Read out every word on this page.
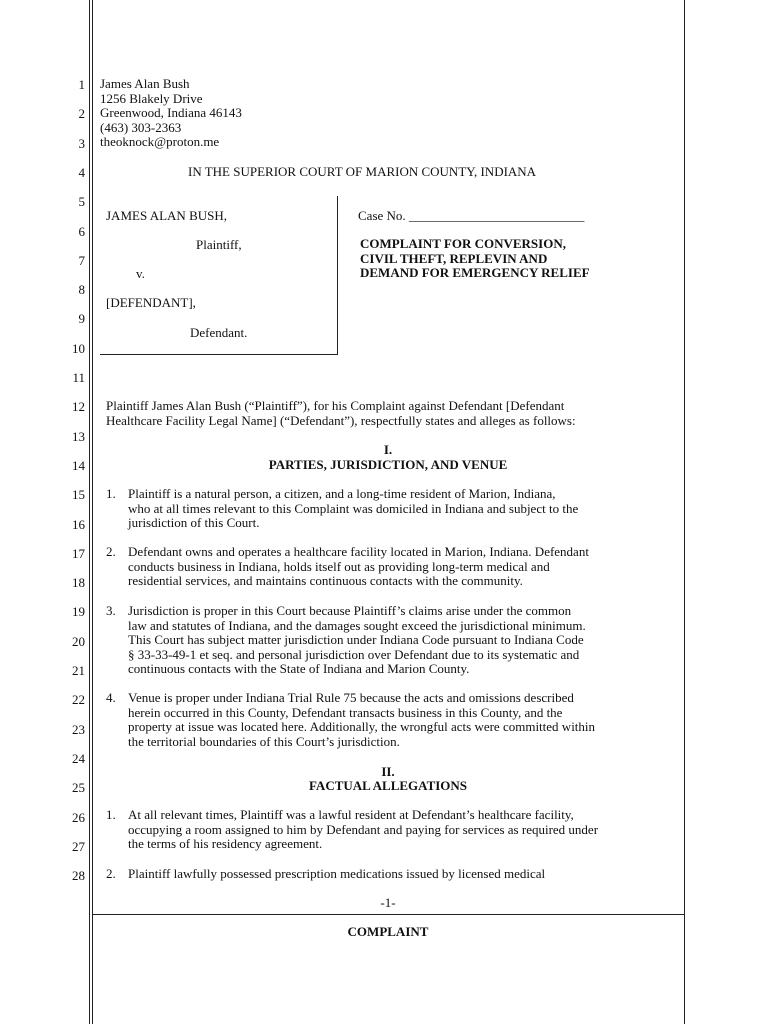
1
2
3
4
5
6
7
8
9
10
11
12
13
14
15
16
17
18
19
20
21
22
23
24
25
26
27
28
James Alan Bush
1256 Blakely Drive
Greenwood, Indiana 46143
(463) 303-2363
theoknock@proton.me
IN THE SUPERIOR COURT OF MARION COUNTY, INDIANA
JAMES ALAN BUSH,
Plaintiff,
v.
[DEFENDANT],
Defendant.
Case No. ___________________________
COMPLAINT FOR CONVERSION,
CIVIL THEFT, REPLEVIN AND
DEMAND FOR EMERGENCY RELIEF
Plaintiff James Alan Bush (“Plaintiff”), for his Complaint against Defendant [Defendant
Healthcare Facility Legal Name] (“Defendant”), respectfully states and alleges as follows:
I.
PARTIES, JURISDICTION, AND VENUE
1. Plaintiff is a natural person, a citizen, and a long-time resident of Marion, Indiana,
who at all times relevant to this Complaint was domiciled in Indiana and subject to the
jurisdiction of this Court.
2. Defendant owns and operates a healthcare facility located in Marion, Indiana. Defendant
conducts business in Indiana, holds itself out as providing long-term medical and
residential services, and maintains continuous contacts with the community.
3. Jurisdiction is proper in this Court because Plaintiff’s claims arise under the common
law and statutes of Indiana, and the damages sought exceed the jurisdictional minimum.
This Court has subject matter jurisdiction under Indiana Code pursuant to Indiana Code
§ 33-33-49-1 et seq. and personal jurisdiction over Defendant due to its systematic and
continuous contacts with the State of Indiana and Marion County.
4. Venue is proper under Indiana Trial Rule 75 because the acts and omissions described
herein occurred in this County, Defendant transacts business in this County, and the
property at issue was located here. Additionally, the wrongful acts were committed within
the territorial boundaries of this Court’s jurisdiction.
II.
FACTUAL ALLEGATIONS
1. At all relevant times, Plaintiff was a lawful resident at Defendant’s healthcare facility,
occupying a room assigned to him by Defendant and paying for services as required under
the terms of his residency agreement.
2. Plaintiff lawfully possessed prescription medications issued by licensed medical
-1-
COMPLAINT
